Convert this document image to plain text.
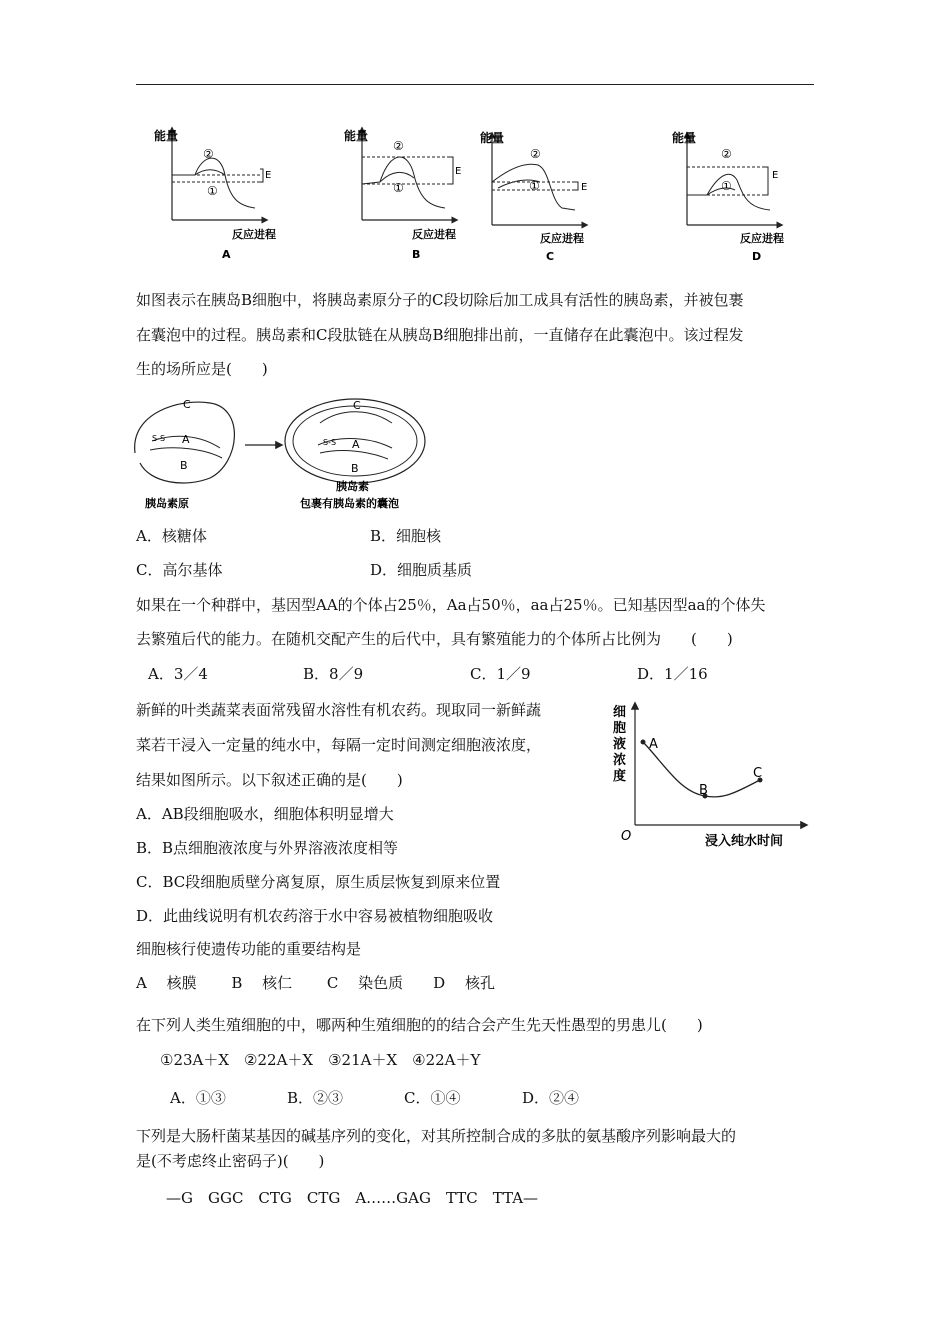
能量
②
①
E
反应进程
A
能量
②
①
E
反应进程
B
能量
②
①	E
反应进程
C
能量
②
①
E
反应进程
D
如图表示在胰岛B细胞中，将胰岛素原分子的C段切除后加工成具有活性的胰岛素，并被包裹
在囊泡中的过程。胰岛素和C段肽链在从胰岛B细胞排出前，一直储存在此囊泡中。该过程发
生的场所应是(　　)
C
S-S A
B
胰岛素原
C
S-S A
B
胰岛素
包裹有胰岛素的囊泡
A．核糖体	B．细胞核
C．高尔基体	D．细胞质基质
如果在一个种群中，基因型AA的个体占25％，Aa占50％，aa占25％。已知基因型aa的个体失
去繁殖后代的能力。在随机交配产生的后代中，具有繁殖能力的个体所占比例为　　(　　)
A．3／4	B．8／9	C．1／9	D．1／16
新鲜的叶类蔬菜表面常残留水溶性有机农药。现取同一新鲜蔬
菜若干浸入一定量的纯水中，每隔一定时间测定细胞液浓度，
结果如图所示。以下叙述正确的是(　　)
A．AB段细胞吸水，细胞体积明显增大
B．B点细胞液浓度与外界溶液浓度相等
C．BC段细胞质壁分离复原，原生质层恢复到原来位置
D．此曲线说明有机农药溶于水中容易被植物细胞吸收
细
胞
液
浓
度
A
B
C
O	浸入纯水时间
细胞核行使遗传功能的重要结构是
A　 核膜　　 B　 核仁　　 C　 染色质　　D　 核孔
在下列人类生殖细胞的中，哪两种生殖细胞的的结合会产生先天性愚型的男患儿(　　)
①23A＋X　②22A＋X　③21A＋X　④22A＋Y
A．①③	B．②③	C．①④	D．②④
下列是大肠杆菌某基因的碱基序列的变化，对其所控制合成的多肽的氨基酸序列影响最大的
是(不考虑终止密码子)(　　)
—G　GGC　CTG　CTG　A……GAG　TTC　TTA—
